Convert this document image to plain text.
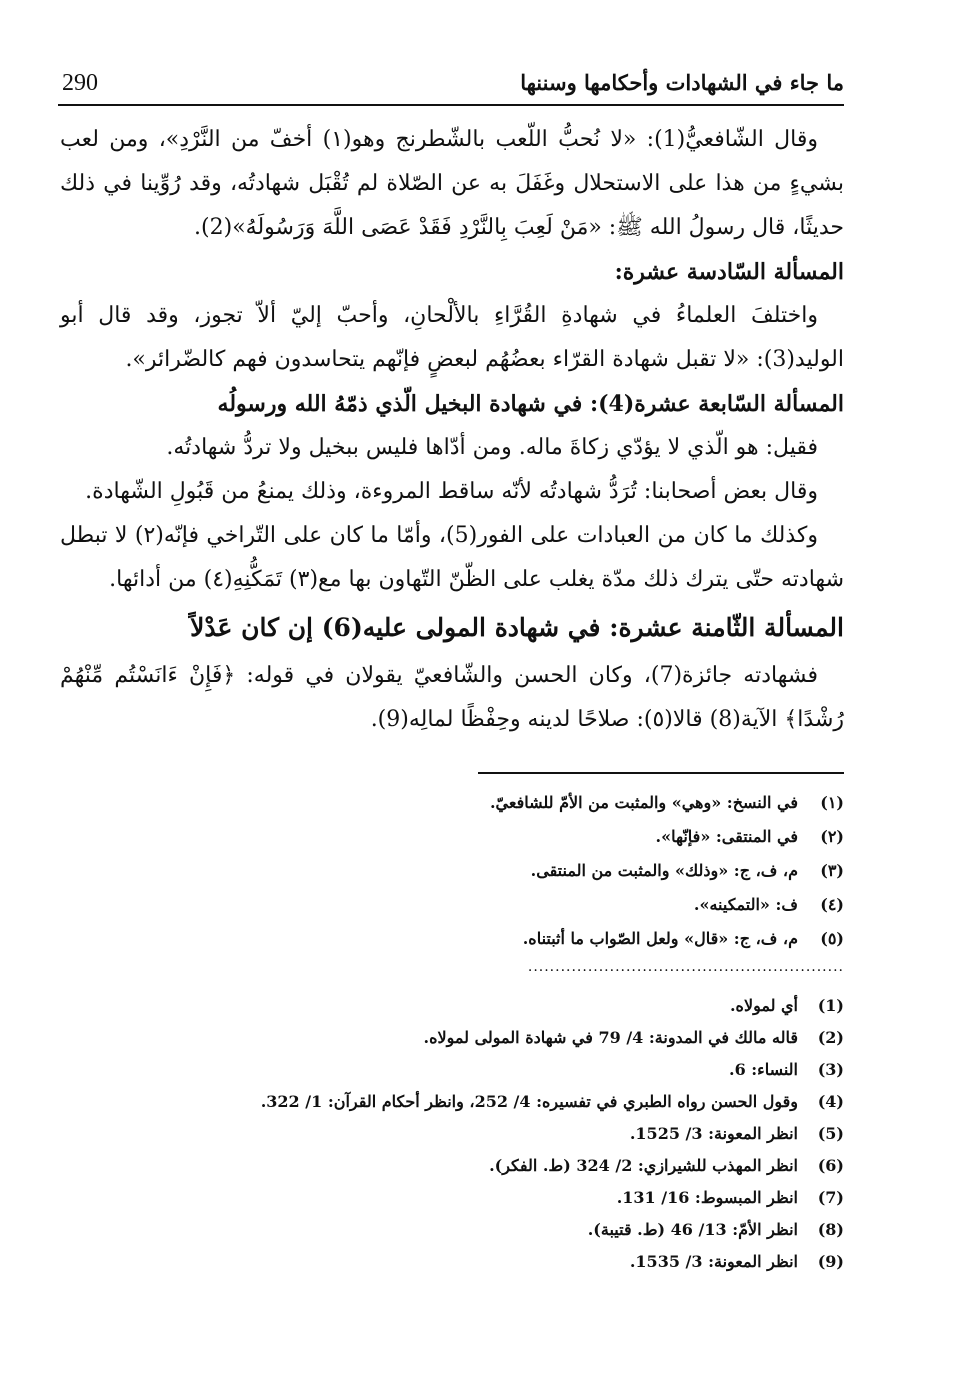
290	ما جاء في الشهادات وأحكامها وسننها

وقال الشّافعيُّ(1): «لا نُحبُّ اللّعب بالشّطرنج وهو(١) أخفّ من النَّرْدِ»، ومن لعب بشيءٍ من هذا على الاستحلال وغَفَلَ به عن الصّلاة لم تُقْبَل شهادتُه، وقد رُوِّينا في ذلك حديثًا، قال رسولُ الله ﷺ: «مَنْ لَعِبَ بِالنَّرْدِ فَقَدْ عَصَى اللَّهَ وَرَسُولَهُ»(2).

المسألة السّادسة عشرة:

واختلفَ العلماءُ في شهادةِ القُرَّاءِ بالألْحانِ، وأحبّ إليّ ألاّ تجوز، وقد قال أبو الوليد(3): «لا تقبل شهادة القرّاء بعضُهُم لبعضٍ فإنّهم يتحاسدون فهم كالضّرائر».

المسألة السّابعة عشرة(4): في شهادة البخيل الّذي ذمّهُ الله ورسولُه

فقيل: هو الّذي لا يؤدّي زكاةَ ماله. ومن أدّاها فليس ببخيل ولا تردُّ شهادتُه.

وقال بعض أصحابنا: تُرَدُّ شهادتُه لأنّه ساقط المروءة، وذلك يمنعُ من قَبُولِ الشّهادة.

وكذلك ما كان من العبادات على الفور(5)، وأمّا ما كان على التّراخي فإنّه(٢) لا تبطل شهادته حتّى يترك ذلك مدّة يغلب على الظّنّ التّهاون بها مع(٣) تَمَكُّنِهِ(٤) من أدائها.

المسألة الثّامنة عشرة: في شهادة المولى عليه(6) إن كان عَدْلاً

فشهادته جائزة(7)، وكان الحسن والشّافعيّ يقولان في قوله: ﴿فَإِنْ ءَانَسْتُم مِّنْهُمْ رُشْدًا﴾ الآية(8) قالا(٥): صلاحًا لدينه وحِفْظًا لمالِه(9).

(١)في النسخ: «وهي» والمثبت من الأمّ للشافعيّ.
(٢)في المنتقى: «فإنّها».
(٣)م، ف، ج: «وذلك» والمثبت من المنتقى.
(٤)ف: «التمكينه».
(٥)م، ف، ج: «قال» ولعل الصّواب ما أثبتناه.
..........................................................
(1)أي لمولاه.
(2)قاله مالك في المدونة: 4/ 79 في شهادة المولى لمولاه.
(3)النساء: 6.
(4)وقول الحسن رواه الطبري في تفسيره: 4/ 252، وانظر أحكام القرآن: 1/ 322.
(5)انظر المعونة: 3/ 1525.
(6)انظر المهذب للشيرازي: 2/ 324 (ط. الفكر).
(7)انظر المبسوط: 16/ 131.
(8)انظر الأمّ: 13/ 46 (ط. قتيبة).
(9)انظر المعونة: 3/ 1535.
